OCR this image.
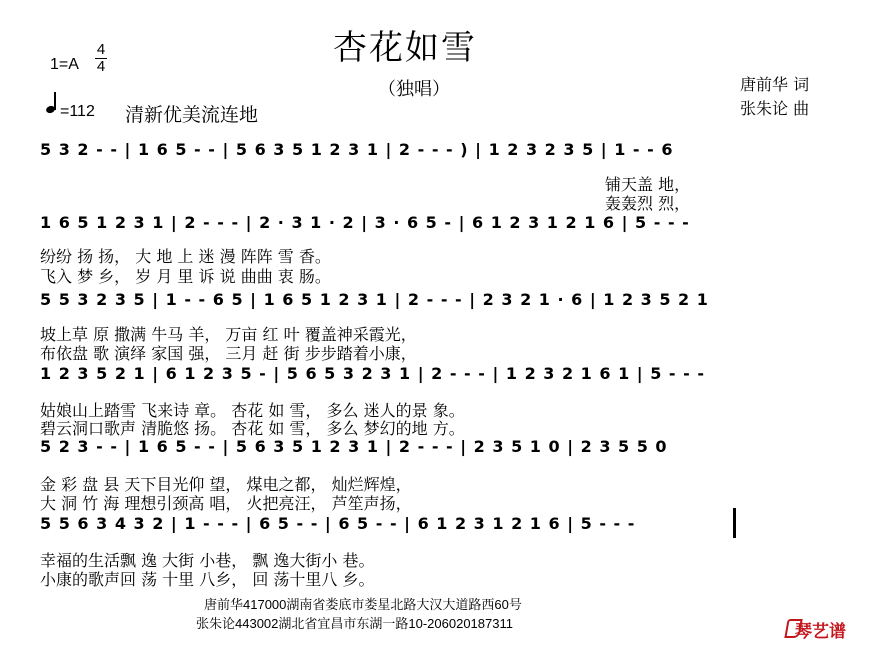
杏花如雪
（独唱）
1=A
4
4
=112 清新优美流连地
唐前华 词
张朱论 曲
5 3 2 - - | 1 6 5 - - | 5 6 3 5 1 2 3 1 | 2 - - - ) | 1 2 3 2 3 5 | 1 - - 6
铺天盖 地，
轰轰烈 烈，
1 6 5 1 2 3 1 | 2 - - - | 2 · 3 1 · 2 | 3 · 6 5 - | 6 1 2 3 1 2 1 6 | 5 - - -
纷纷 扬 扬， 大 地 上 迷 漫 阵阵 雪 香。
飞入 梦 乡， 岁 月 里 诉 说 曲曲 衷 肠。
5 5 3 2 3 5 | 1 - - 6 5 | 1 6 5 1 2 3 1 | 2 - - - | 2 3 2 1 · 6 | 1 2 3 5 2 1
坡上草 原 撒满 牛马 羊， 万亩 红 叶 覆盖神采霞光，
布依盘 歌 演绎 家国 强， 三月 赶 街 步步踏着小康，
1 2 3 5 2 1 | 6 1 2 3 5 - | 5 6 5 3 2 3 1 | 2 - - - | 1 2 3 2 1 6 1 | 5 - - -
姑娘山上踏雪 飞来诗 章。 杏花 如 雪， 多么 迷人的景 象。
碧云洞口歌声 清脆悠 扬。 杏花 如 雪， 多么 梦幻的地 方。
5 2 3 - - | 1 6 5 - - | 5 6 3 5 1 2 3 1 | 2 - - - | 2 3 5 1 0 | 2 3 5 5 0
金 彩 盘 县 天下目光仰 望， 煤电之都， 灿烂辉煌，
大 洞 竹 海 理想引颈高 唱， 火把亮汪， 芦笙声扬，
5 5 6 3 4 3 2 | 1 - - - | 6 5 - - | 6 5 - - | 6 1 2 3 1 2 1 6 | 5 - - -
幸福的生活飘 逸 大街 小巷， 飘 逸大街小 巷。
小康的歌声回 荡 十里 八乡， 回 荡十里八 乡。
唐前华417000湖南省娄底市娄星北路大汉大道路西60号
张朱论443002湖北省宜昌市东湖一路10-206020187311	琴艺谱
